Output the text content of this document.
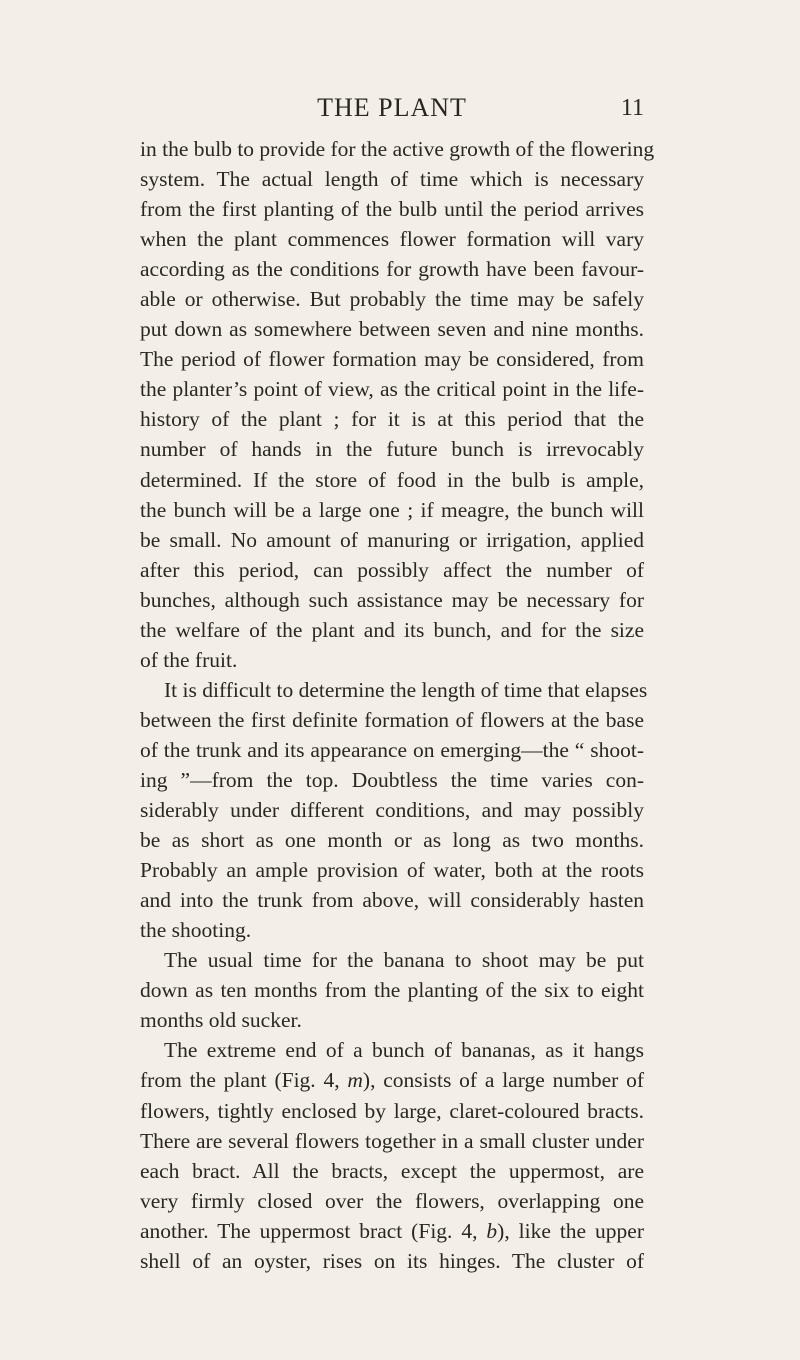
THE PLANT	11
in the bulb to provide for the active growth of the flowering
system. The actual length of time which is necessary
from the first planting of the bulb until the period arrives
when the plant commences flower formation will vary
according as the conditions for growth have been favour-
able or otherwise. But probably the time may be safely
put down as somewhere between seven and nine months.
The period of flower formation may be considered, from
the planter’s point of view, as the critical point in the life-
history of the plant ; for it is at this period that the
number of hands in the future bunch is irrevocably
determined. If the store of food in the bulb is ample,
the bunch will be a large one ; if meagre, the bunch will
be small. No amount of manuring or irrigation, applied
after this period, can possibly affect the number of
bunches, although such assistance may be necessary for
the welfare of the plant and its bunch, and for the size
of the fruit.
It is difficult to determine the length of time that elapses
between the first definite formation of flowers at the base
of the trunk and its appearance on emerging—the “ shoot-
ing ”—from the top. Doubtless the time varies con-
siderably under different conditions, and may possibly
be as short as one month or as long as two months.
Probably an ample provision of water, both at the roots
and into the trunk from above, will considerably hasten
the shooting.
The usual time for the banana to shoot may be put
down as ten months from the planting of the six to eight
months old sucker.
The extreme end of a bunch of bananas, as it hangs
from the plant (Fig. 4, m), consists of a large number of
flowers, tightly enclosed by large, claret-coloured bracts.
There are several flowers together in a small cluster under
each bract. All the bracts, except the uppermost, are
very firmly closed over the flowers, overlapping one
another. The uppermost bract (Fig. 4, b), like the upper
shell of an oyster, rises on its hinges. The cluster of
